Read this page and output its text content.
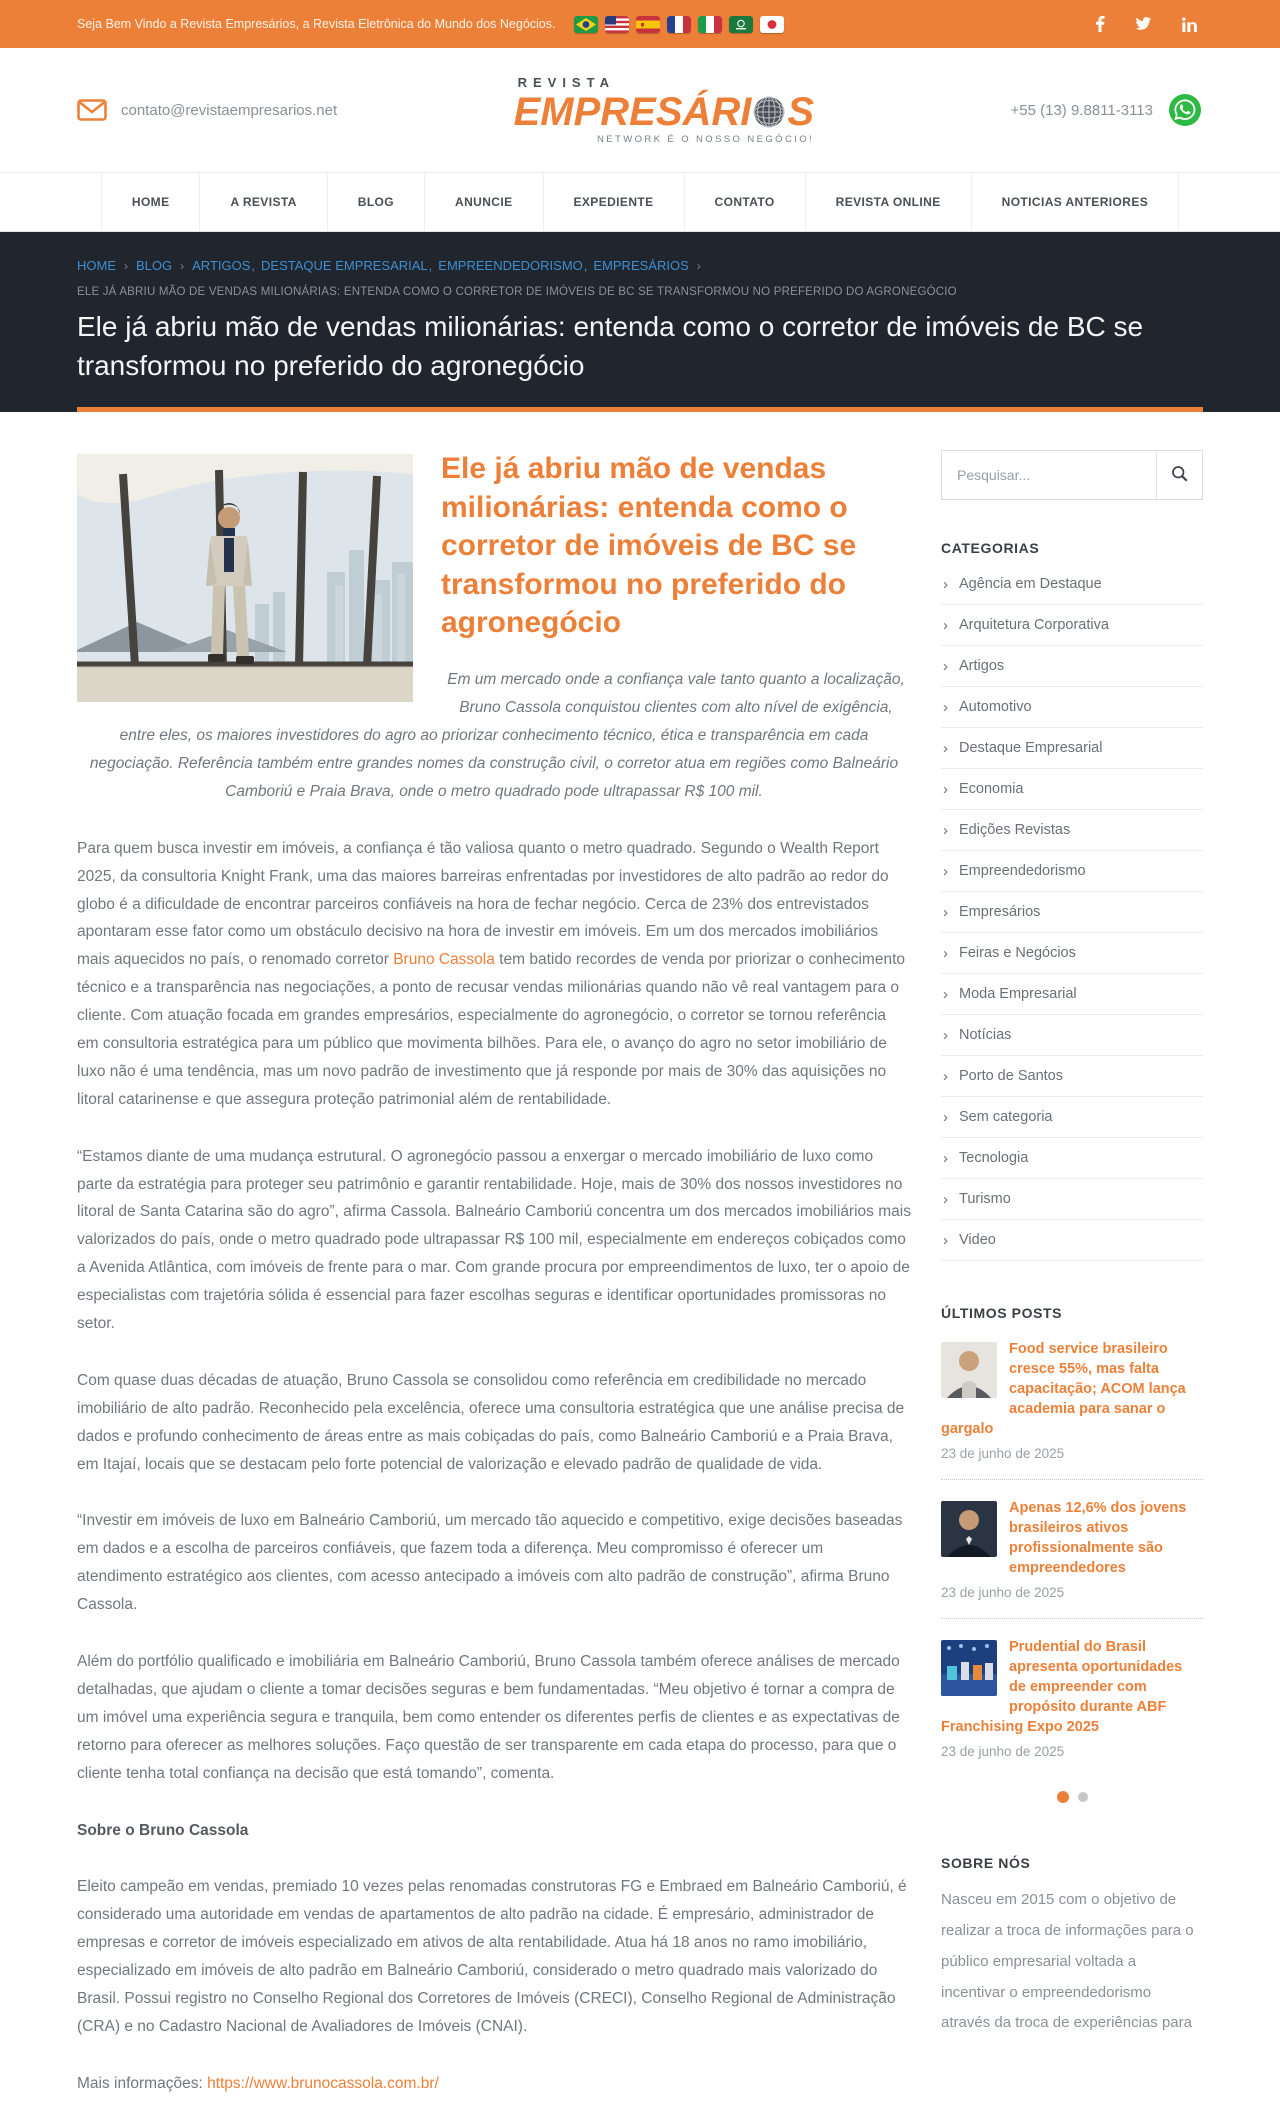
Seja Bem Vindo a Revista Empresários, a Revista Eletrônica do Mundo dos Negócios.
contato@revistaempresarios.net
REVISTA
EMPRESÁRI S
NETWORK É O NOSSO NEGÓCIO!
+55 (13) 9.8811-3113
HOME	A REVISTA	BLOG	ANUNCIE	EXPEDIENTE	CONTATO	REVISTA ONLINE	NOTICIAS ANTERIORES
HOME › BLOG › ARTIGOS , DESTAQUE EMPRESARIAL , EMPREENDEDORISMO , EMPRESÁRIOS ›
ELE JÁ ABRIU MÃO DE VENDAS MILIONÁRIAS: ENTENDA COMO O CORRETOR DE IMÓVEIS DE BC SE TRANSFORMOU NO PREFERIDO DO AGRONEGÓCIO
Ele já abriu mão de vendas milionárias: entenda como o corretor de imóveis de BC se transformou no preferido do agronegócio
Ele já abriu mão de vendas milionárias: entenda como o corretor de imóveis de BC se transformou no preferido do agronegócio

Em um mercado onde a confiança vale tanto quanto a localização, Bruno Cassola conquistou clientes com alto nível de exigência, entre eles, os maiores investidores do agro ao priorizar conhecimento técnico, ética e transparência em cada negociação. Referência também entre grandes nomes da construção civil, o corretor atua em regiões como Balneário Camboriú e Praia Brava, onde o metro quadrado pode ultrapassar R$ 100 mil.

Para quem busca investir em imóveis, a confiança é tão valiosa quanto o metro quadrado. Segundo o Wealth Report 2025, da consultoria Knight Frank, uma das maiores barreiras enfrentadas por investidores de alto padrão ao redor do globo é a dificuldade de encontrar parceiros confiáveis na hora de fechar negócio. Cerca de 23% dos entrevistados apontaram esse fator como um obstáculo decisivo na hora de investir em imóveis. Em um dos mercados imobiliários mais aquecidos no país, o renomado corretor Bruno Cassola tem batido recordes de venda por priorizar o conhecimento técnico e a transparência nas negociações, a ponto de recusar vendas milionárias quando não vê real vantagem para o cliente. Com atuação focada em grandes empresários, especialmente do agronegócio, o corretor se tornou referência em consultoria estratégica para um público que movimenta bilhões. Para ele, o avanço do agro no setor imobiliário de luxo não é uma tendência, mas um novo padrão de investimento que já responde por mais de 30% das aquisições no litoral catarinense e que assegura proteção patrimonial além de rentabilidade.

“Estamos diante de uma mudança estrutural. O agronegócio passou a enxergar o mercado imobiliário de luxo como parte da estratégia para proteger seu patrimônio e garantir rentabilidade. Hoje, mais de 30% dos nossos investidores no litoral de Santa Catarina são do agro”, afirma Cassola. Balneário Camboriú concentra um dos mercados imobiliários mais valorizados do país, onde o metro quadrado pode ultrapassar R$ 100 mil, especialmente em endereços cobiçados como a Avenida Atlântica, com imóveis de frente para o mar. Com grande procura por empreendimentos de luxo, ter o apoio de especialistas com trajetória sólida é essencial para fazer escolhas seguras e identificar oportunidades promissoras no setor.

Com quase duas décadas de atuação, Bruno Cassola se consolidou como referência em credibilidade no mercado imobiliário de alto padrão. Reconhecido pela excelência, oferece uma consultoria estratégica que une análise precisa de dados e profundo conhecimento de áreas entre as mais cobiçadas do país, como Balneário Camboriú e a Praia Brava, em Itajaí, locais que se destacam pelo forte potencial de valorização e elevado padrão de qualidade de vida.

“Investir em imóveis de luxo em Balneário Camboriú, um mercado tão aquecido e competitivo, exige decisões baseadas em dados e a escolha de parceiros confiáveis, que fazem toda a diferença. Meu compromisso é oferecer um atendimento estratégico aos clientes, com acesso antecipado a imóveis com alto padrão de construção”, afirma Bruno Cassola.

Além do portfólio qualificado e imobiliária em Balneário Camboriú, Bruno Cassola também oferece análises de mercado detalhadas, que ajudam o cliente a tomar decisões seguras e bem fundamentadas. “Meu objetivo é tornar a compra de um imóvel uma experiência segura e tranquila, bem como entender os diferentes perfis de clientes e as expectativas de retorno para oferecer as melhores soluções. Faço questão de ser transparente em cada etapa do processo, para que o cliente tenha total confiança na decisão que está tomando”, comenta.

Sobre o Bruno Cassola

Eleito campeão em vendas, premiado 10 vezes pelas renomadas construtoras FG e Embraed em Balneário Camboriú, é considerado uma autoridade em vendas de apartamentos de alto padrão na cidade. É empresário, administrador de empresas e corretor de imóveis especializado em ativos de alta rentabilidade. Atua há 18 anos no ramo imobiliário, especializado em imóveis de alto padrão em Balneário Camboriú, considerado o metro quadrado mais valorizado do Brasil. Possui registro no Conselho Regional dos Corretores de Imóveis (CRECI), Conselho Regional de Administração (CRA) e no Cadastro Nacional de Avaliadores de Imóveis (CNAI).

Mais informações: https://www.brunocassola.com.br/

Pesquisar...
CATEGORIAS
› Agência em Destaque
› Arquitetura Corporativa
› Artigos
› Automotivo
› Destaque Empresarial
› Economia
› Edições Revistas
› Empreendedorismo
› Empresários
› Feiras e Negócios
› Moda Empresarial
› Notícias
› Porto de Santos
› Sem categoria
› Tecnologia
› Turismo
› Video
ÚLTIMOS POSTS
Food service brasileiro cresce 55%, mas falta capacitação; ACOM lança academia para sanar o gargalo
23 de junho de 2025
Apenas 12,6% dos jovens brasileiros ativos profissionalmente são empreendedores
23 de junho de 2025
Prudential do Brasil apresenta oportunidades de empreender com propósito durante ABF Franchising Expo 2025
23 de junho de 2025
SOBRE NÓS

Nasceu em 2015 com o objetivo de realizar a troca de informações para o público empresarial voltada a incentivar o empreendedorismo através da troca de experiências para
